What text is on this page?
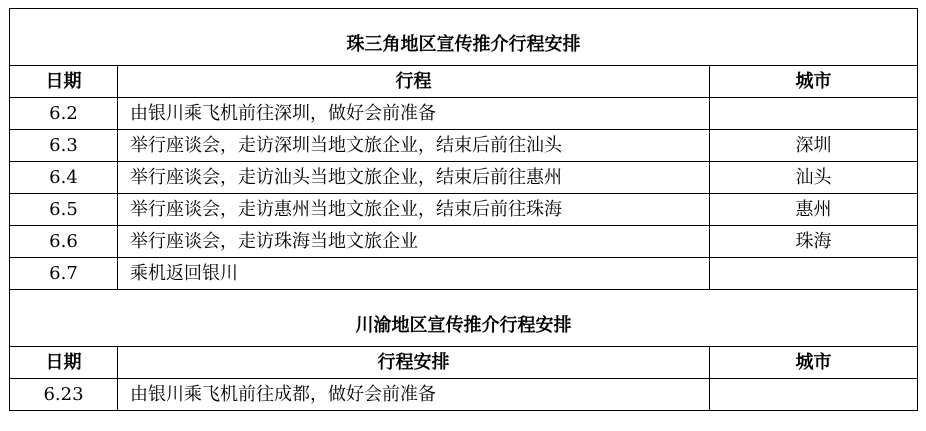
珠三角地区宣传推介行程安排		
日期	行程	城市
6.2	由银川乘飞机前往深圳，做好会前准备	
6.3	举行座谈会，走访深圳当地文旅企业，结束后前往汕头	深圳
6.4	举行座谈会，走访汕头当地文旅企业，结束后前往惠州	汕头
6.5	举行座谈会，走访惠州当地文旅企业，结束后前往珠海	惠州
6.6	举行座谈会，走访珠海当地文旅企业	珠海
6.7	乘机返回银川	
川渝地区宣传推介行程安排		
日期	行程安排	城市
6.23	由银川乘飞机前往成都，做好会前准备	
